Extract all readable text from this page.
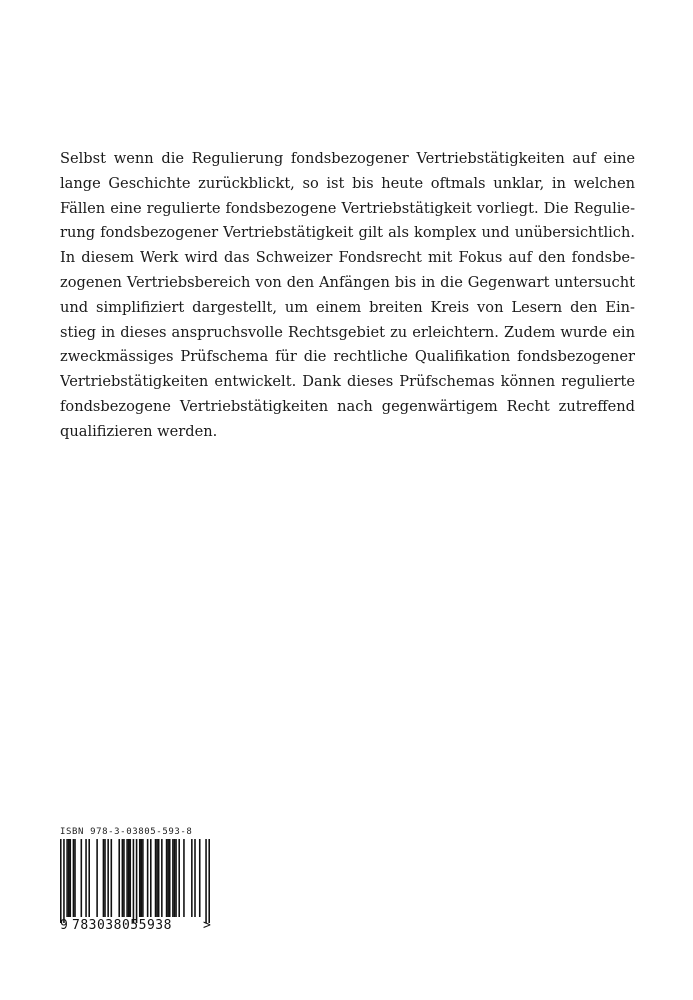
Selbst wenn die Regulierung fondsbezogener Vertriebstätigkeiten auf eine
lange Geschichte zurückblickt, so ist bis heute oftmals unklar, in welchen
Fällen eine regulierte fondsbezogene Vertriebstätigkeit vorliegt. Die Regulie-
rung fondsbezogener Vertriebstätigkeit gilt als komplex und unübersichtlich.
In diesem Werk wird das Schweizer Fondsrecht mit Fokus auf den fondsbe-
zogenen Vertriebsbereich von den Anfängen bis in die Gegenwart untersucht
und simplifiziert dargestellt, um einem breiten Kreis von Lesern den Ein-
stieg in dieses anspruchsvolle Rechtsgebiet zu erleichtern. Zudem wurde ein
zweckmässiges Prüfschema für die rechtliche Qualifikation fondsbezogener
Vertriebstätigkeiten entwickelt. Dank dieses Prüfschemas können regulierte
fondsbezogene Vertriebstätigkeiten nach gegenwärtigem Recht zutreffend
qualifizieren werden.
ISBN 978-3-03805-593-8
9 783038055938 >
